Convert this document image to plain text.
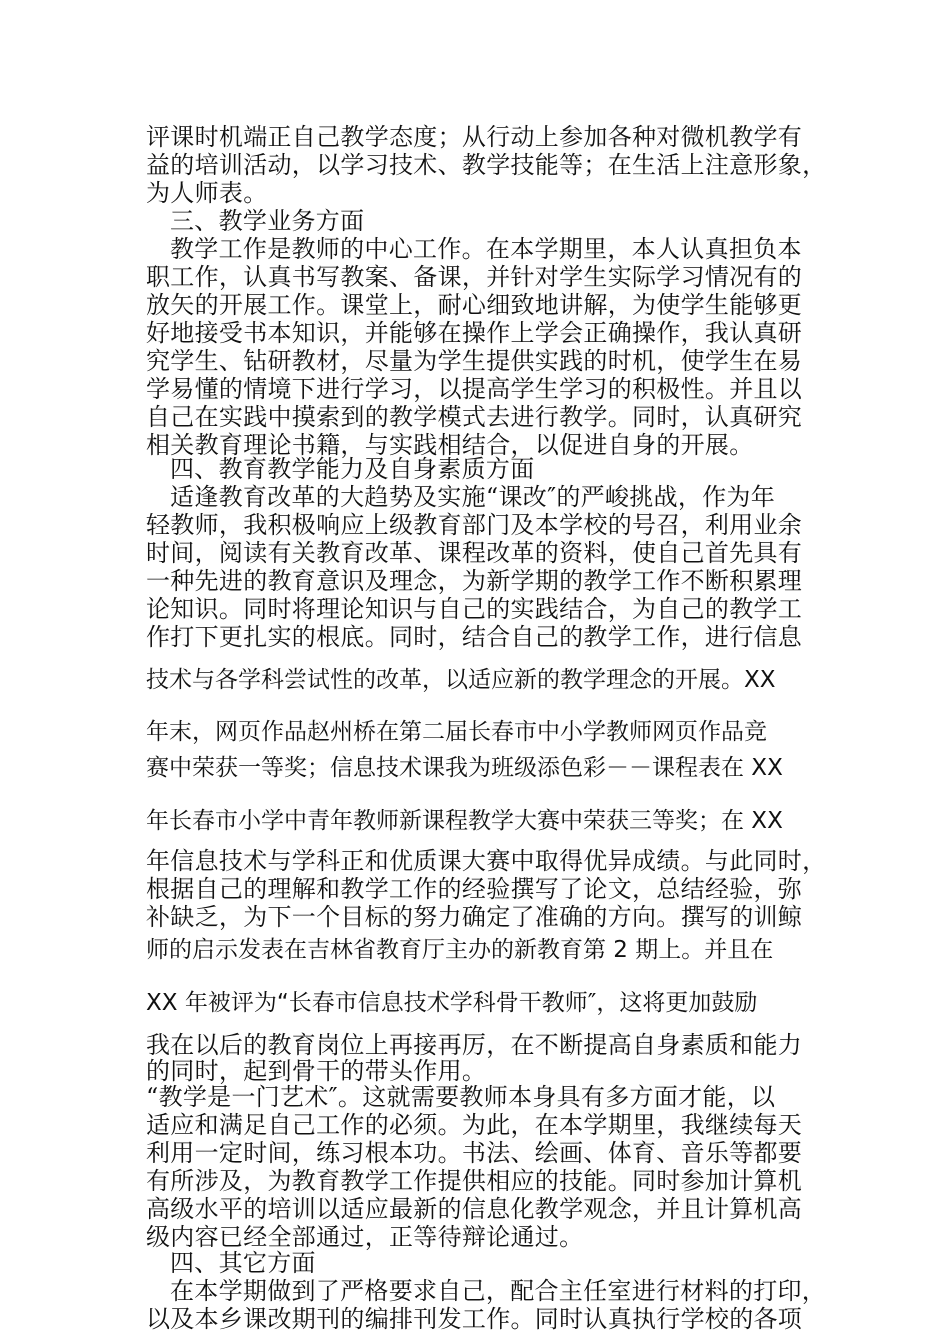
评课时机端正自己教学态度；从行动上参加各种对微机教学有
益的培训活动，以学习技术、教学技能等；在生活上注意形象，
为人师表。
三、教学业务方面
教学工作是教师的中心工作。在本学期里，本人认真担负本
职工作，认真书写教案、备课，并针对学生实际学习情况有的
放矢的开展工作。课堂上，耐心细致地讲解，为使学生能够更
好地接受书本知识，并能够在操作上学会正确操作，我认真研
究学生、钻研教材，尽量为学生提供实践的时机，使学生在易
学易懂的情境下进行学习，以提高学生学习的积极性。并且以
自己在实践中摸索到的教学模式去进行教学。同时，认真研究
相关教育理论书籍，与实践相结合，以促进自身的开展。
四、教育教学能力及自身素质方面
适逢教育改革的大趋势及实施“课改″的严峻挑战，作为年
轻教师，我积极响应上级教育部门及本学校的号召，利用业余
时间，阅读有关教育改革、课程改革的资料，使自己首先具有
一种先进的教育意识及理念，为新学期的教学工作不断积累理
论知识。同时将理论知识与自己的实践结合，为自己的教学工
作打下更扎实的根底。同时，结合自己的教学工作，进行信息
技术与各学科尝试性的改革，以适应新的教学理念的开展。XX
年末，网页作品赵州桥在第二届长春市中小学教师网页作品竞
赛中荣获一等奖；信息技术课我为班级添色彩－－课程表在 XX
年长春市小学中青年教师新课程教学大赛中荣获三等奖；在 XX
年信息技术与学科正和优质课大赛中取得优异成绩。与此同时，
根据自己的理解和教学工作的经验撰写了论文，总结经验，弥
补缺乏，为下一个目标的努力确定了准确的方向。撰写的训鲸
师的启示发表在吉林省教育厅主办的新教育第 2 期上。并且在
XX 年被评为“长春市信息技术学科骨干教师″，这将更加鼓励
我在以后的教育岗位上再接再厉，在不断提高自身素质和能力
的同时，起到骨干的带头作用。
“教学是一门艺术″。这就需要教师本身具有多方面才能，以
适应和满足自己工作的必须。为此，在本学期里，我继续每天
利用一定时间，练习根本功。书法、绘画、体育、音乐等都要
有所涉及，为教育教学工作提供相应的技能。同时参加计算机
高级水平的培训以适应最新的信息化教学观念，并且计算机高
级内容已经全部通过，正等待辩论通过。
四、其它方面
在本学期做到了严格要求自己，配合主任室进行材料的打印，
以及本乡课改期刊的编排刊发工作。同时认真执行学校的各项
